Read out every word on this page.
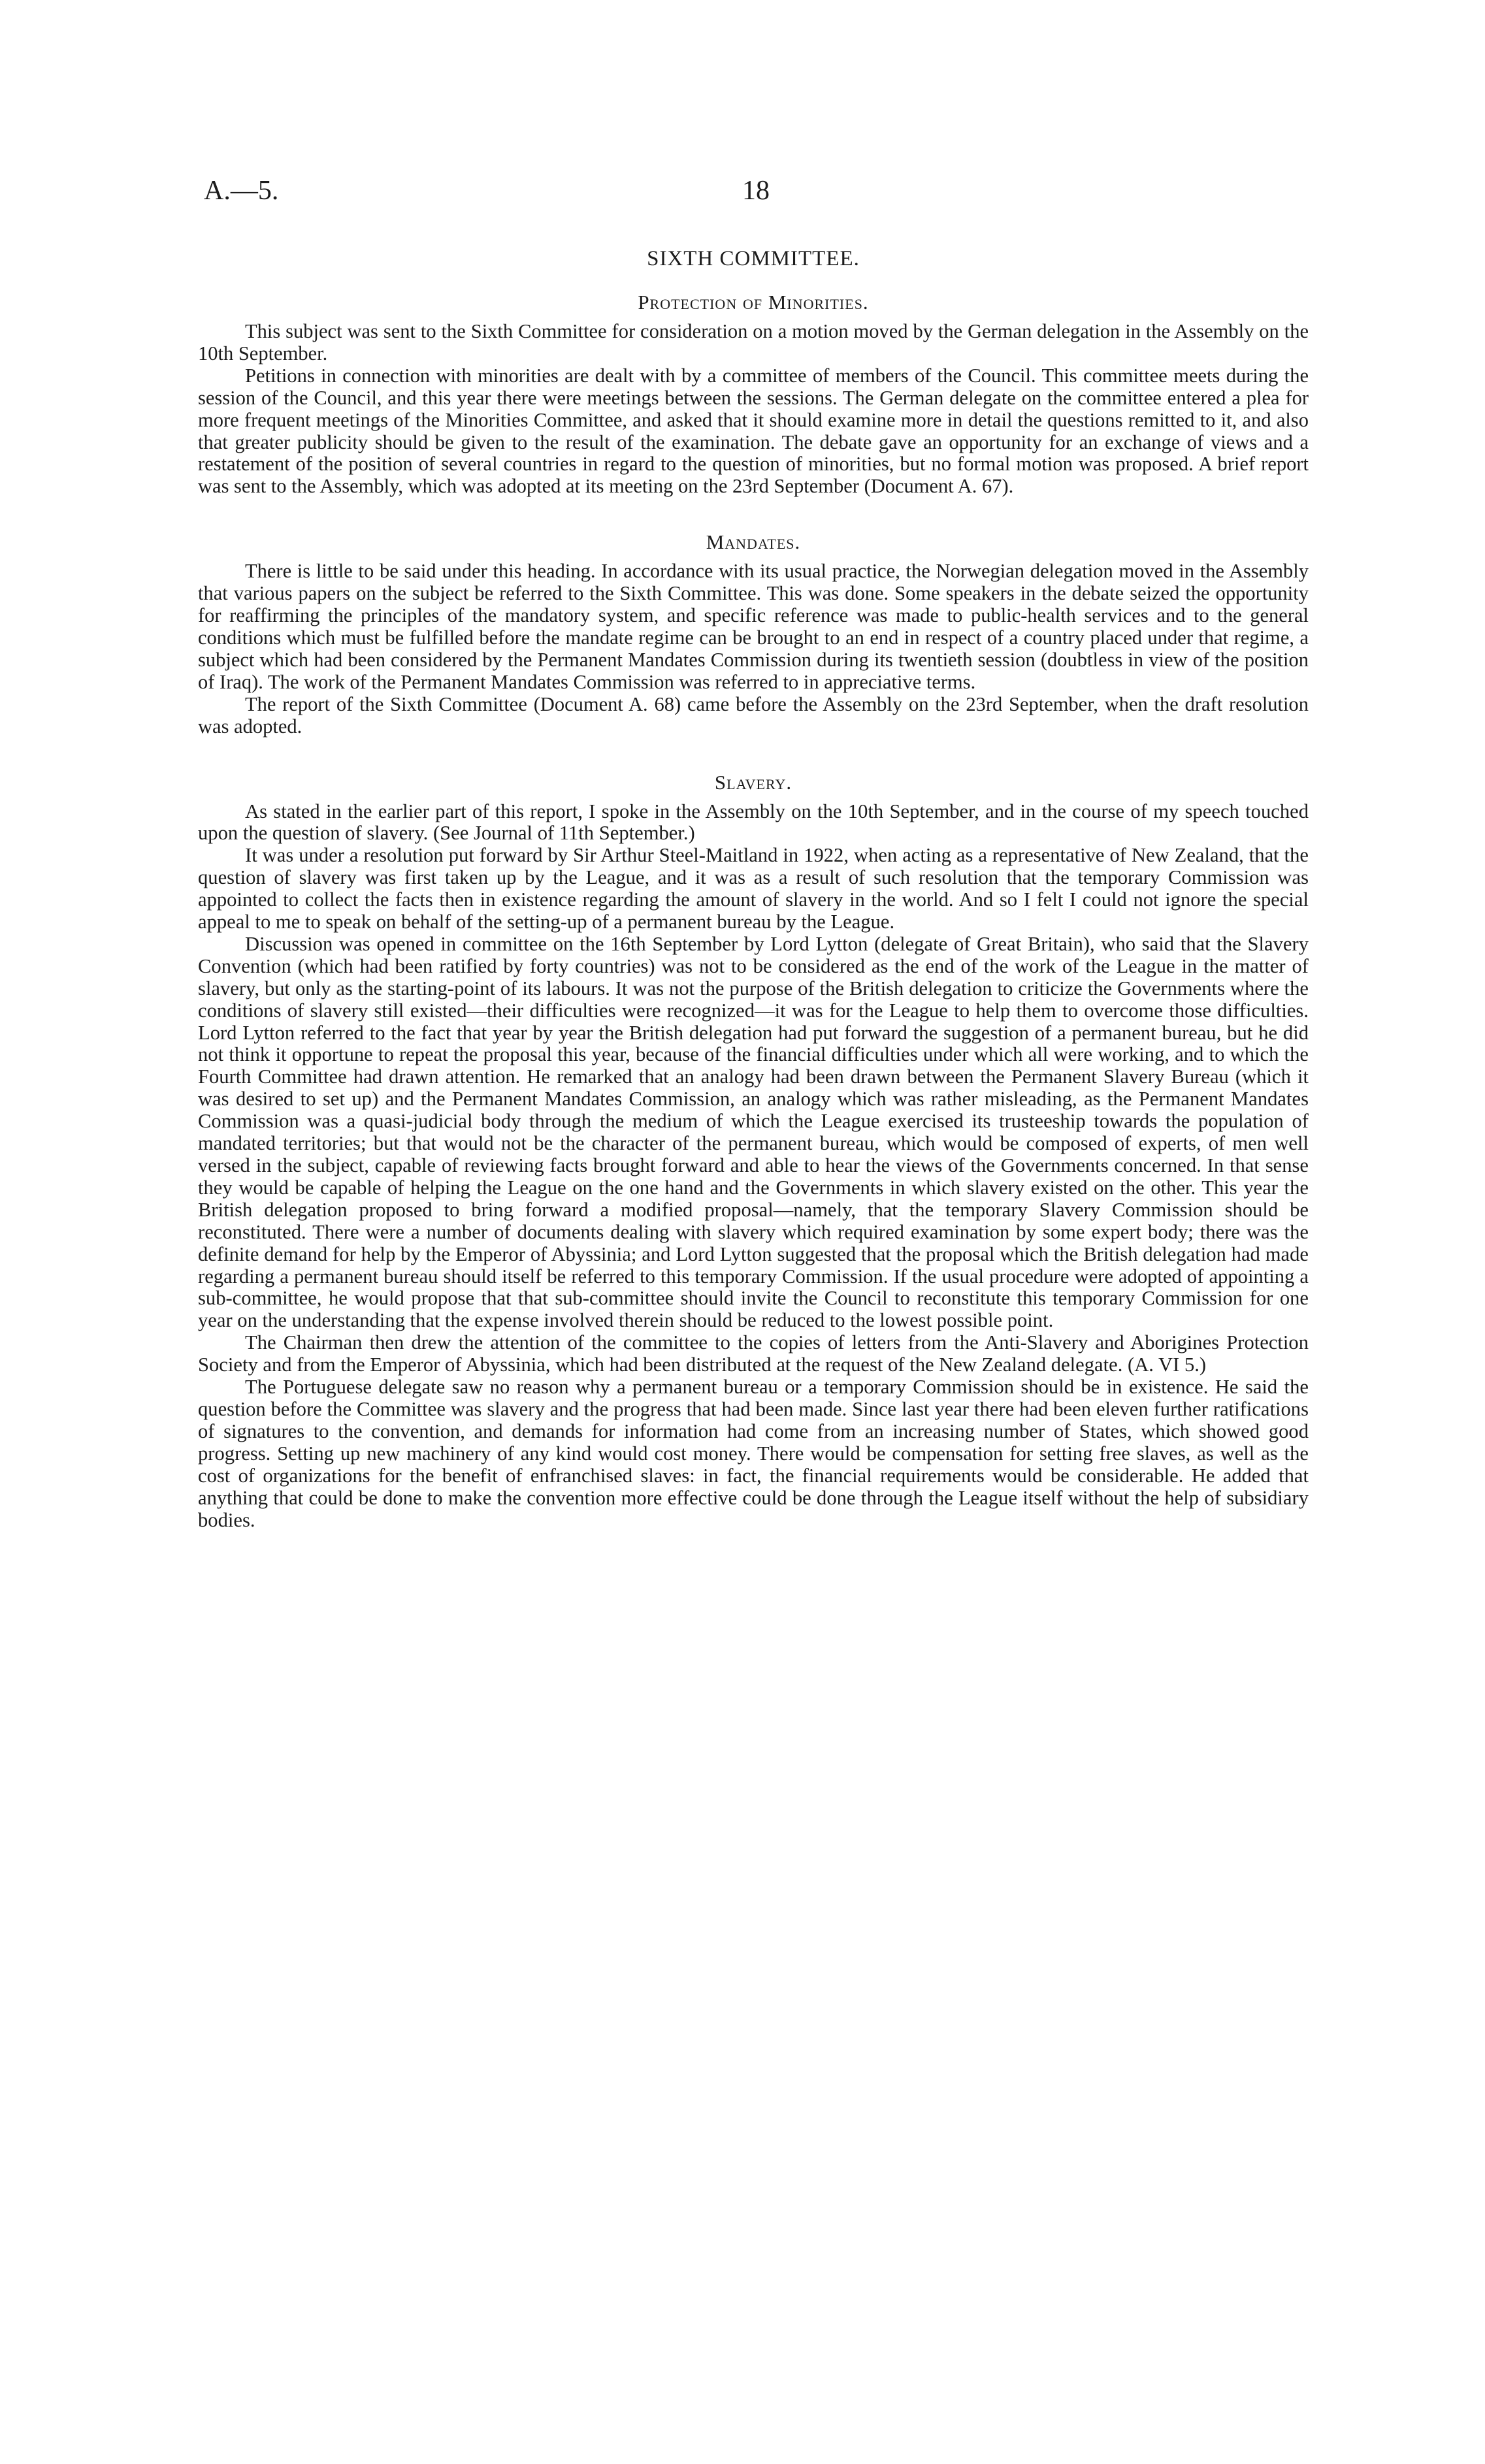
A.—5.	18
SIXTH COMMITTEE.
Protection of Minorities.

This subject was sent to the Sixth Committee for consideration on a motion moved by the German delegation in the Assembly on the 10th September.

Petitions in connection with minorities are dealt with by a committee of members of the Council. This committee meets during the session of the Council, and this year there were meetings between the sessions. The German delegate on the committee entered a plea for more frequent meetings of the Minorities Committee, and asked that it should examine more in detail the questions remitted to it, and also that greater publicity should be given to the result of the examination. The debate gave an opportunity for an exchange of views and a restatement of the position of several countries in regard to the question of minorities, but no formal motion was proposed. A brief report was sent to the Assembly, which was adopted at its meeting on the 23rd September (Document A. 67).

Mandates.

There is little to be said under this heading. In accordance with its usual practice, the Norwegian delegation moved in the Assembly that various papers on the subject be referred to the Sixth Committee. This was done. Some speakers in the debate seized the opportunity for reaffirming the principles of the mandatory system, and specific reference was made to public-health services and to the general conditions which must be fulfilled before the mandate regime can be brought to an end in respect of a country placed under that regime, a subject which had been considered by the Permanent Mandates Commission during its twentieth session (doubtless in view of the position of Iraq). The work of the Permanent Mandates Commission was referred to in appreciative terms.

The report of the Sixth Committee (Document A. 68) came before the Assembly on the 23rd September, when the draft resolution was adopted.

Slavery.

As stated in the earlier part of this report, I spoke in the Assembly on the 10th September, and in the course of my speech touched upon the question of slavery. (See Journal of 11th September.)

It was under a resolution put forward by Sir Arthur Steel-Maitland in 1922, when acting as a representative of New Zealand, that the question of slavery was first taken up by the League, and it was as a result of such resolution that the temporary Commission was appointed to collect the facts then in existence regarding the amount of slavery in the world. And so I felt I could not ignore the special appeal to me to speak on behalf of the setting-up of a permanent bureau by the League.

Discussion was opened in committee on the 16th September by Lord Lytton (delegate of Great Britain), who said that the Slavery Convention (which had been ratified by forty countries) was not to be considered as the end of the work of the League in the matter of slavery, but only as the starting-point of its labours. It was not the purpose of the British delegation to criticize the Governments where the conditions of slavery still existed—their difficulties were recognized—it was for the League to help them to overcome those difficulties. Lord Lytton referred to the fact that year by year the British delegation had put forward the suggestion of a permanent bureau, but he did not think it opportune to repeat the proposal this year, because of the financial difficulties under which all were working, and to which the Fourth Committee had drawn attention. He remarked that an analogy had been drawn between the Permanent Slavery Bureau (which it was desired to set up) and the Permanent Mandates Commission, an analogy which was rather misleading, as the Permanent Mandates Commission was a quasi-judicial body through the medium of which the League exercised its trusteeship towards the population of mandated territories; but that would not be the character of the permanent bureau, which would be composed of experts, of men well versed in the subject, capable of reviewing facts brought forward and able to hear the views of the Governments concerned. In that sense they would be capable of helping the League on the one hand and the Governments in which slavery existed on the other. This year the British delegation proposed to bring forward a modified proposal—namely, that the temporary Slavery Commission should be reconstituted. There were a number of documents dealing with slavery which required examination by some expert body; there was the definite demand for help by the Emperor of Abyssinia; and Lord Lytton suggested that the proposal which the British delegation had made regarding a permanent bureau should itself be referred to this temporary Commission. If the usual procedure were adopted of appointing a sub-committee, he would propose that that sub-committee should invite the Council to reconstitute this temporary Commission for one year on the understanding that the expense involved therein should be reduced to the lowest possible point.

The Chairman then drew the attention of the committee to the copies of letters from the Anti-Slavery and Aborigines Protection Society and from the Emperor of Abyssinia, which had been distributed at the request of the New Zealand delegate. (A. VI 5.)

The Portuguese delegate saw no reason why a permanent bureau or a temporary Commission should be in existence. He said the question before the Committee was slavery and the progress that had been made. Since last year there had been eleven further ratifications of signatures to the convention, and demands for information had come from an increasing number of States, which showed good progress. Setting up new machinery of any kind would cost money. There would be compensation for setting free slaves, as well as the cost of organizations for the benefit of enfranchised slaves: in fact, the financial requirements would be considerable. He added that anything that could be done to make the convention more effective could be done through the League itself without the help of subsidiary bodies.
